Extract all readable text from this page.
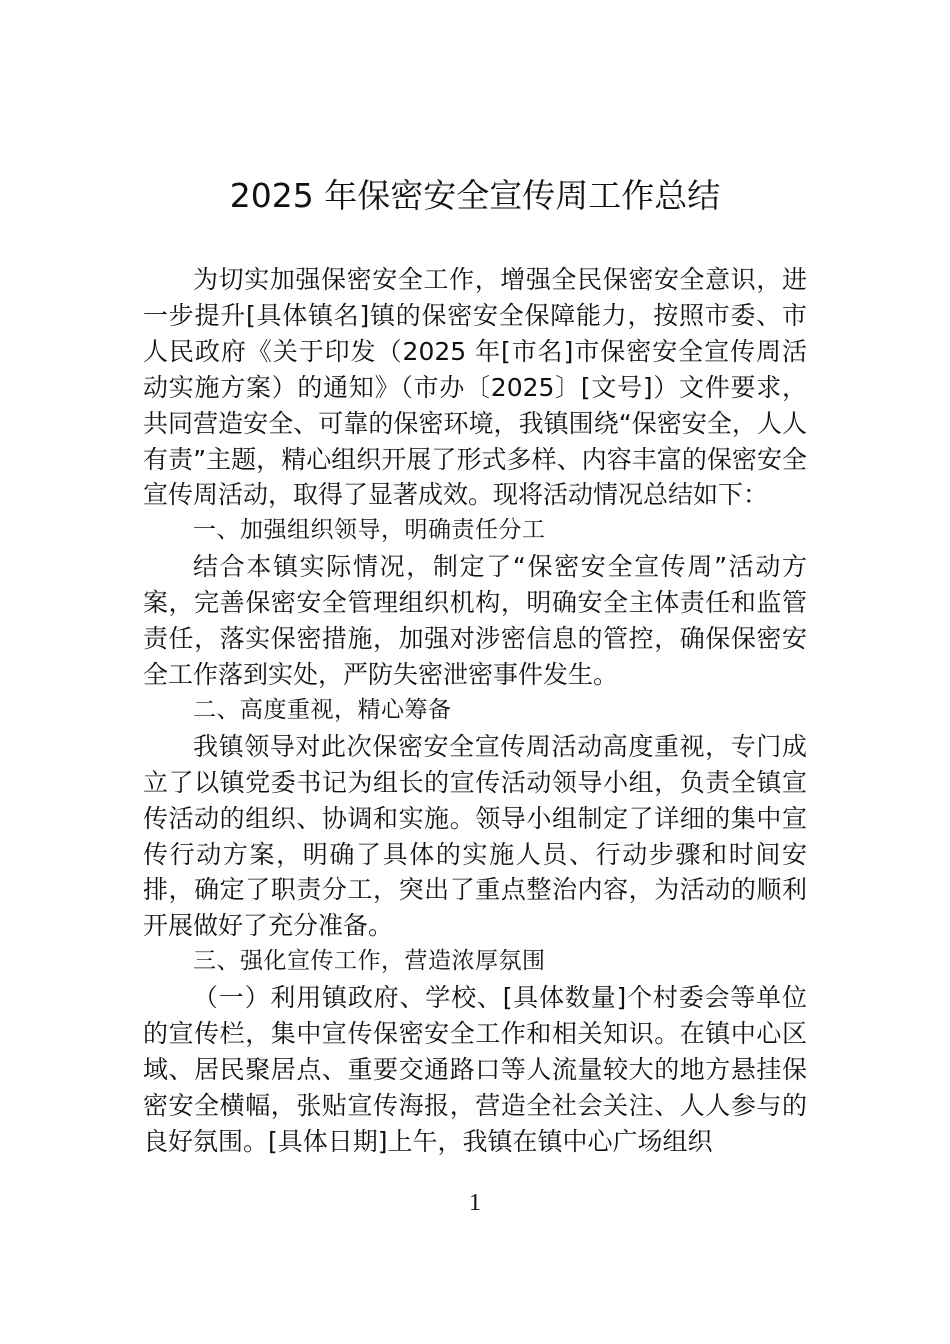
2025 年保密安全宣传周工作总结

为切实加强保密安全工作，增强全民保密安全意识，进一步提升[具体镇名]镇的保密安全保障能力，按照市委、市人民政府《关于印发（2025 年[市名]市保密安全宣传周活动实施方案）的通知》（市办〔2025〕[文号]）文件要求，共同营造安全、可靠的保密环境，我镇围绕“保密安全，人人有责”主题，精心组织开展了形式多样、内容丰富的保密安全宣传周活动，取得了显著成效。现将活动情况总结如下：

一、加强组织领导，明确责任分工

结合本镇实际情况，制定了“保密安全宣传周”活动方案，完善保密安全管理组织机构，明确安全主体责任和监管责任，落实保密措施，加强对涉密信息的管控，确保保密安全工作落到实处，严防失密泄密事件发生。

二、高度重视，精心筹备

我镇领导对此次保密安全宣传周活动高度重视，专门成立了以镇党委书记为组长的宣传活动领导小组，负责全镇宣传活动的组织、协调和实施。领导小组制定了详细的集中宣传行动方案，明确了具体的实施人员、行动步骤和时间安排，确定了职责分工，突出了重点整治内容，为活动的顺利开展做好了充分准备。

三、强化宣传工作，营造浓厚氛围

（一）利用镇政府、学校、[具体数量]个村委会等单位的宣传栏，集中宣传保密安全工作和相关知识。在镇中心区域、居民聚居点、重要交通路口等人流量较大的地方悬挂保密安全横幅，张贴宣传海报，营造全社会关注、人人参与的良好氛围。[具体日期]上午，我镇在镇中心广场组织

1
